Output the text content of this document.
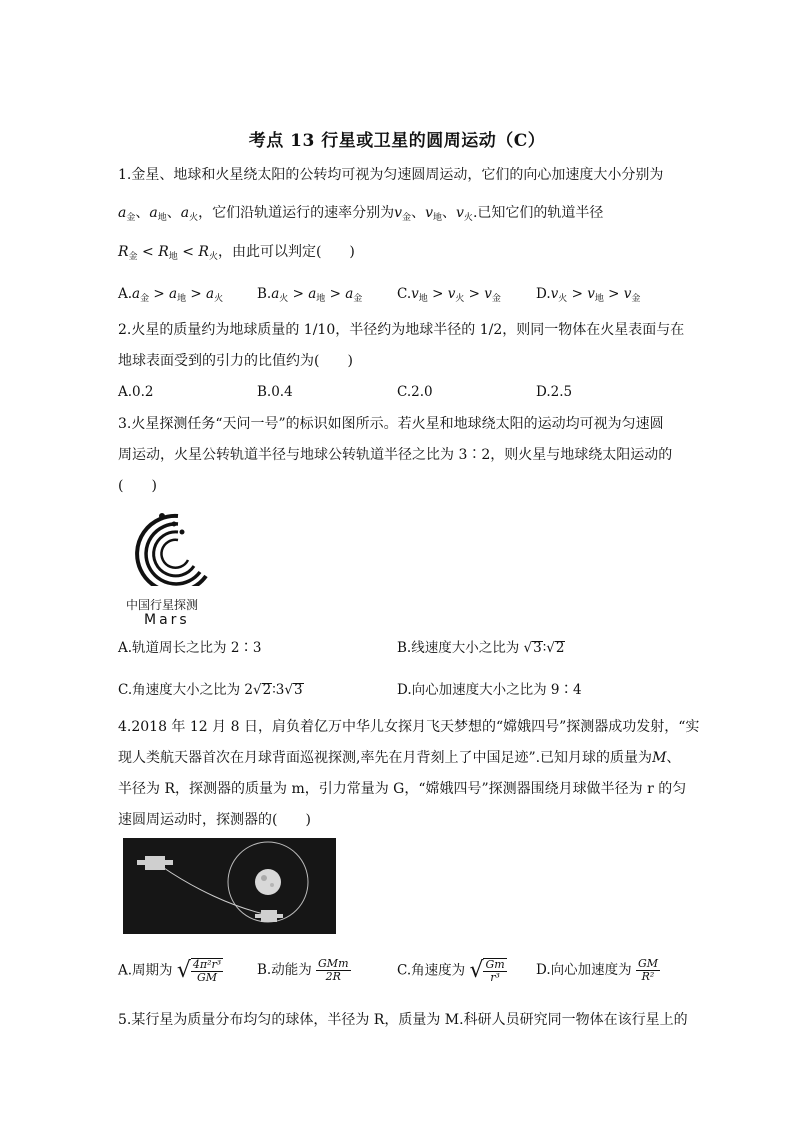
考点 13 行星或卫星的圆周运动（C）
1.金星、地球和火星绕太阳的公转均可视为匀速圆周运动，它们的向心加速度大小分别为
$a_金$、$a_地$、$a_火$，它们沿轨道运行的速率分别为$v_金$、$v_地$、$v_火$.已知它们的轨道半径
$R_金 < R_地 < R_火$，由此可以判定(　　)
$A.a_金 > a_地 > a_火$	$B.a_火 > a_地 > a_金$	$C.v_地 > v_火 > v_金$	$D.v_火 > v_地 > v_金$
2.火星的质量约为地球质量的 1/10，半径约为地球半径的 1/2，则同一物体在火星表面与在
地球表面受到的引力的比值约为(　　)
A.0.2	B.0.4	C.2.0	D.2.5
3.火星探测任务“天问一号”的标识如图所示。若火星和地球绕太阳的运动均可视为匀速圆
周运动，火星公转轨道半径与地球公转轨道半径之比为 3∶2，则火星与地球绕太阳运动的
(　　)
中国行星探测
Mars
A.轨道周长之比为 2∶3	B.线速度大小之比为 √3∶√2
C.角速度大小之比为 2√2∶3√3	D.向心加速度大小之比为 9∶4
4.2018 年 12 月 8 日，肩负着亿万中华儿女探月飞天梦想的“嫦娥四号”探测器成功发射，“实
现人类航天器首次在月球背面巡视探测,率先在月背刻上了中国足迹”.已知月球的质量为M、
半径为 R，探测器的质量为 m，引力常量为 G，“嫦娥四号”探测器围绕月球做半径为 r 的匀
速圆周运动时，探测器的(　　)
A.周期为 √ $\frac{\text{4π²r³}}{GM}$	B.动能为 $\frac{\text{GMm}}{2R}$	C.角速度为 √ $\frac{Gm}{\text{r³}} D$.向心加速度为 $\frac{GM}{\text{R²}}$
5.某行星为质量分布均匀的球体，半径为 R，质量为 M.科研人员研究同一物体在该行星上的
